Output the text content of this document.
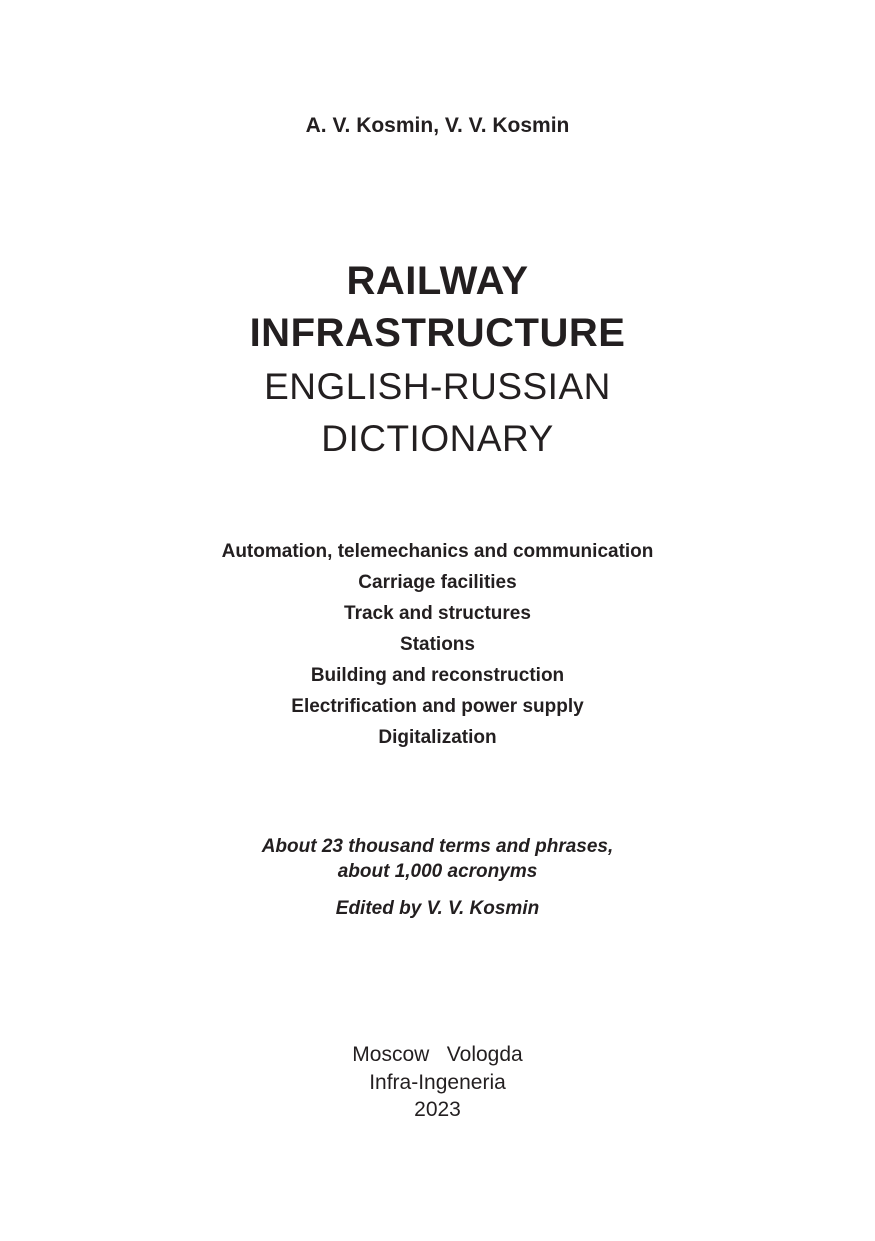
A. V. Kosmin, V. V. Kosmin
RAILWAY
INFRASTRUCTURE
ENGLISH-RUSSIAN
DICTIONARY
Automation, telemechanics and communication
Carriage facilities
Track and structures
Stations
Building and reconstruction
Electrification and power supply
Digitalization
About 23 thousand terms and phrases,
about 1,000 acronyms
Edited by V. V. Kosmin
Moscow   Vologda
Infra-Ingeneria
2023
